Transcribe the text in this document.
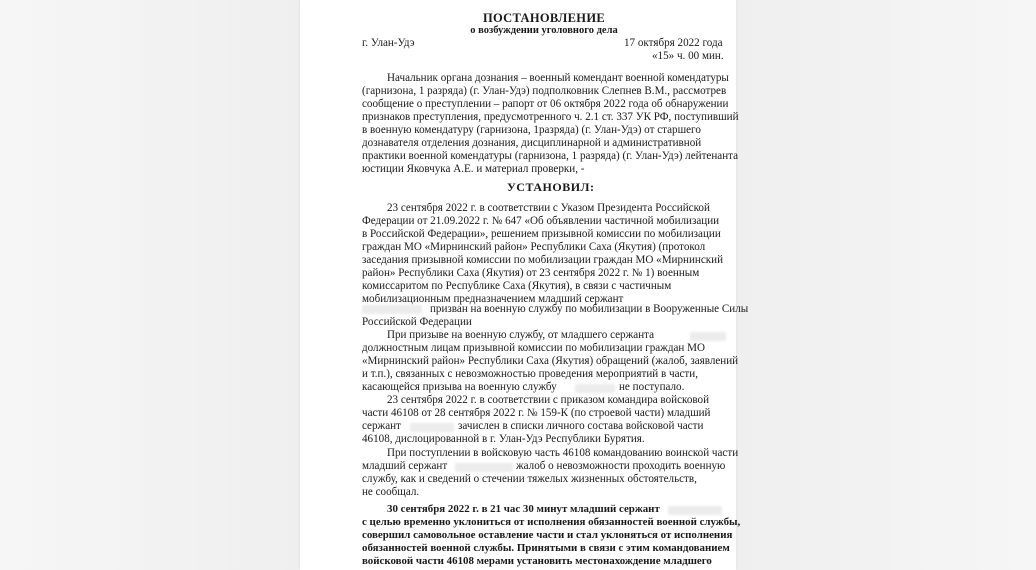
ПОСТАНОВЛЕНИЕ
о возбуждении уголовного дела
г. Улан-Удэ	17 октября 2022 года
«15» ч. 00 мин.
Начальник органа дознания – военный комендант военной комендатуры
(гарнизона, 1 разряда) (г. Улан-Удэ) подполковник Слепнев В.М., рассмотрев
сообщение о преступлении – рапорт от 06 октября 2022 года об обнаружении
признаков преступления, предусмотренного ч. 2.1 ст. 337 УК РФ, поступивший
в военную комендатуру (гарнизона, 1разряда) (г. Улан-Удэ) от старшего
дознавателя отделения дознания, дисциплинарной и административной
практики военной комендатуры (гарнизона, 1 разряда) (г. Улан-Удэ) лейтенанта
юстиции Яковчука А.Е. и материал проверки, -
УСТАНОВИЛ:
23 сентября 2022 г. в соответствии с Указом Президента Российской
Федерации от 21.09.2022 г. № 647 «Об объявлении частичной мобилизации
в Российской Федерации», решением призывной комиссии по мобилизации
граждан МО «Мирнинский район» Республики Саха (Якутия) (протокол
заседания призывной комиссии по мобилизации граждан МО «Мирнинский
район» Республики Саха (Якутия) от 23 сентября 2022 г. № 1) военным
комиссаритом по Республике Саха (Якутия), в связи с частичным
мобилизационным предназначением младший сержант
призван на военную службу по мобилизации в Вооруженные Силы
Российской Федерации
При призыве на военную службу, от младшего сержанта
должностным лицам призывной комиссии по мобилизации граждан МО
«Мирнинский район» Республики Саха (Якутия) обращений (жалоб, заявлений
и т.п.), связанных с невозможностью проведения мероприятий в части,
касающейся призыва на военную службу	не поступало.
23 сентября 2022 г. в соответствии с приказом командира войсковой
части 46108 от 28 сентября 2022 г. № 159-К (по строевой части) младший
сержант	зачислен в списки личного состава войсковой части
46108, дислоцированной в г. Улан-Удэ Республики Бурятия.
При поступлении в войсковую часть 46108 командованию воинской части
младший сержант	жалоб о невозможности проходить военную
службу, как и сведений о стечении тяжелых жизненных обстоятельств,
не сообщал.
30 сентября 2022 г. в 21 час 30 минут младший сержант
с целью временно уклониться от исполнения обязанностей военной службы,
совершил самовольное оставление части и стал уклоняться от исполнения
обязанностей военной службы. Принятыми в связи с этим командованием
войсковой части 46108 мерами установить местонахождение младшего
